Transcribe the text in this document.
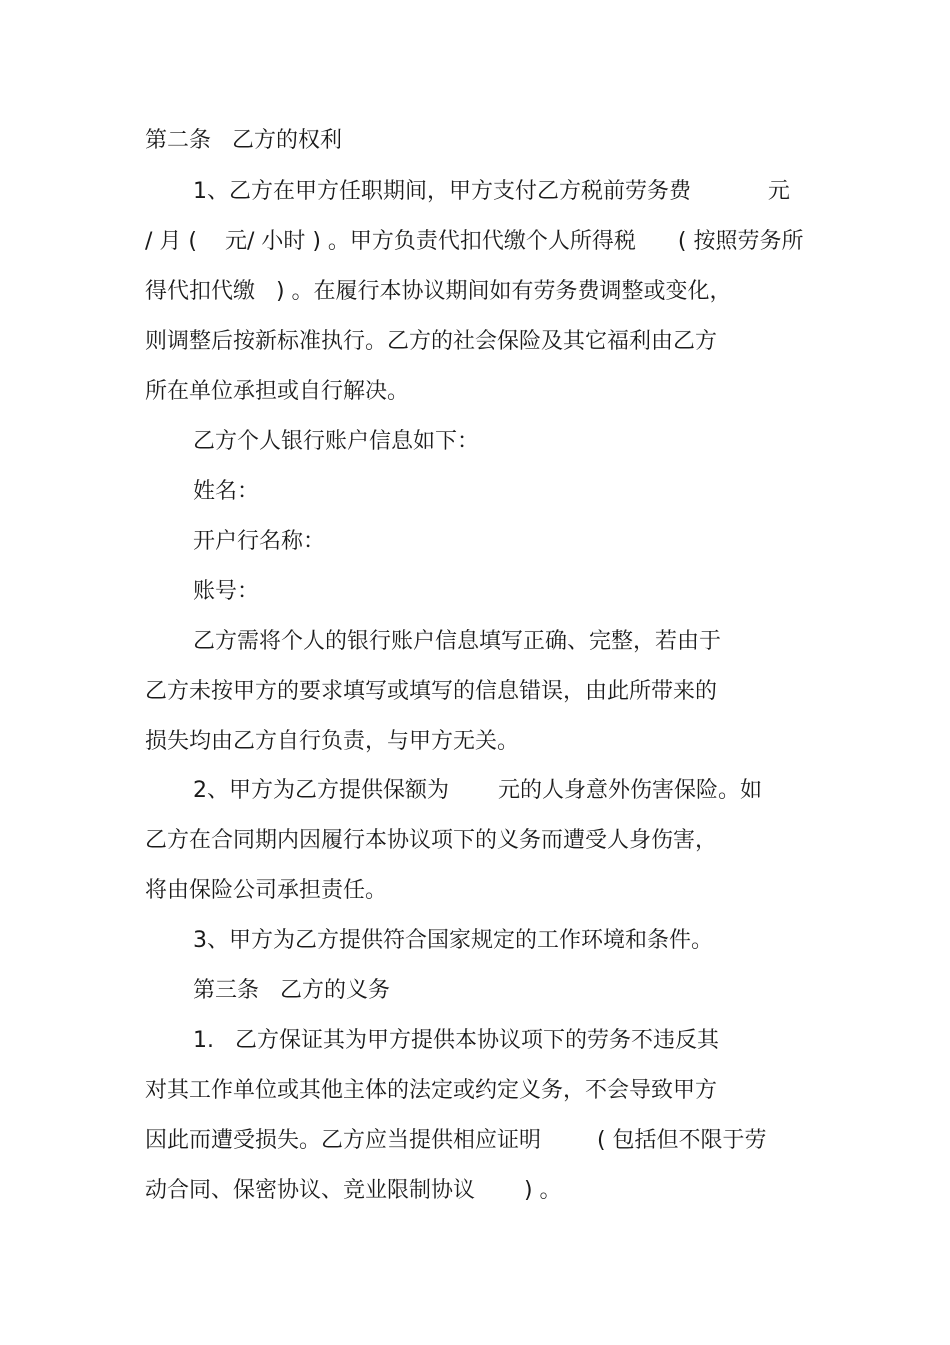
第二条   乙方的权利
1、乙方在甲方任职期间，甲方支付乙方税前劳务费           元
/ 月 (    元/ 小时 ) 。甲方负责代扣代缴个人所得税      ( 按照劳务所
得代扣代缴   ) 。在履行本协议期间如有劳务费调整或变化，
则调整后按新标准执行。乙方的社会保险及其它福利由乙方
所在单位承担或自行解决。
乙方个人银行账户信息如下：
姓名：
开户行名称：
账号：
乙方需将个人的银行账户信息填写正确、完整，若由于
乙方未按甲方的要求填写或填写的信息错误，由此所带来的
损失均由乙方自行负责，与甲方无关。
2、甲方为乙方提供保额为       元的人身意外伤害保险。如
乙方在合同期内因履行本协议项下的义务而遭受人身伤害，
将由保险公司承担责任。
3、甲方为乙方提供符合国家规定的工作环境和条件。
第三条   乙方的义务
1.   乙方保证其为甲方提供本协议项下的劳务不违反其
对其工作单位或其他主体的法定或约定义务，不会导致甲方
因此而遭受损失。乙方应当提供相应证明        ( 包括但不限于劳
动合同、保密协议、竞业限制协议       ) 。
